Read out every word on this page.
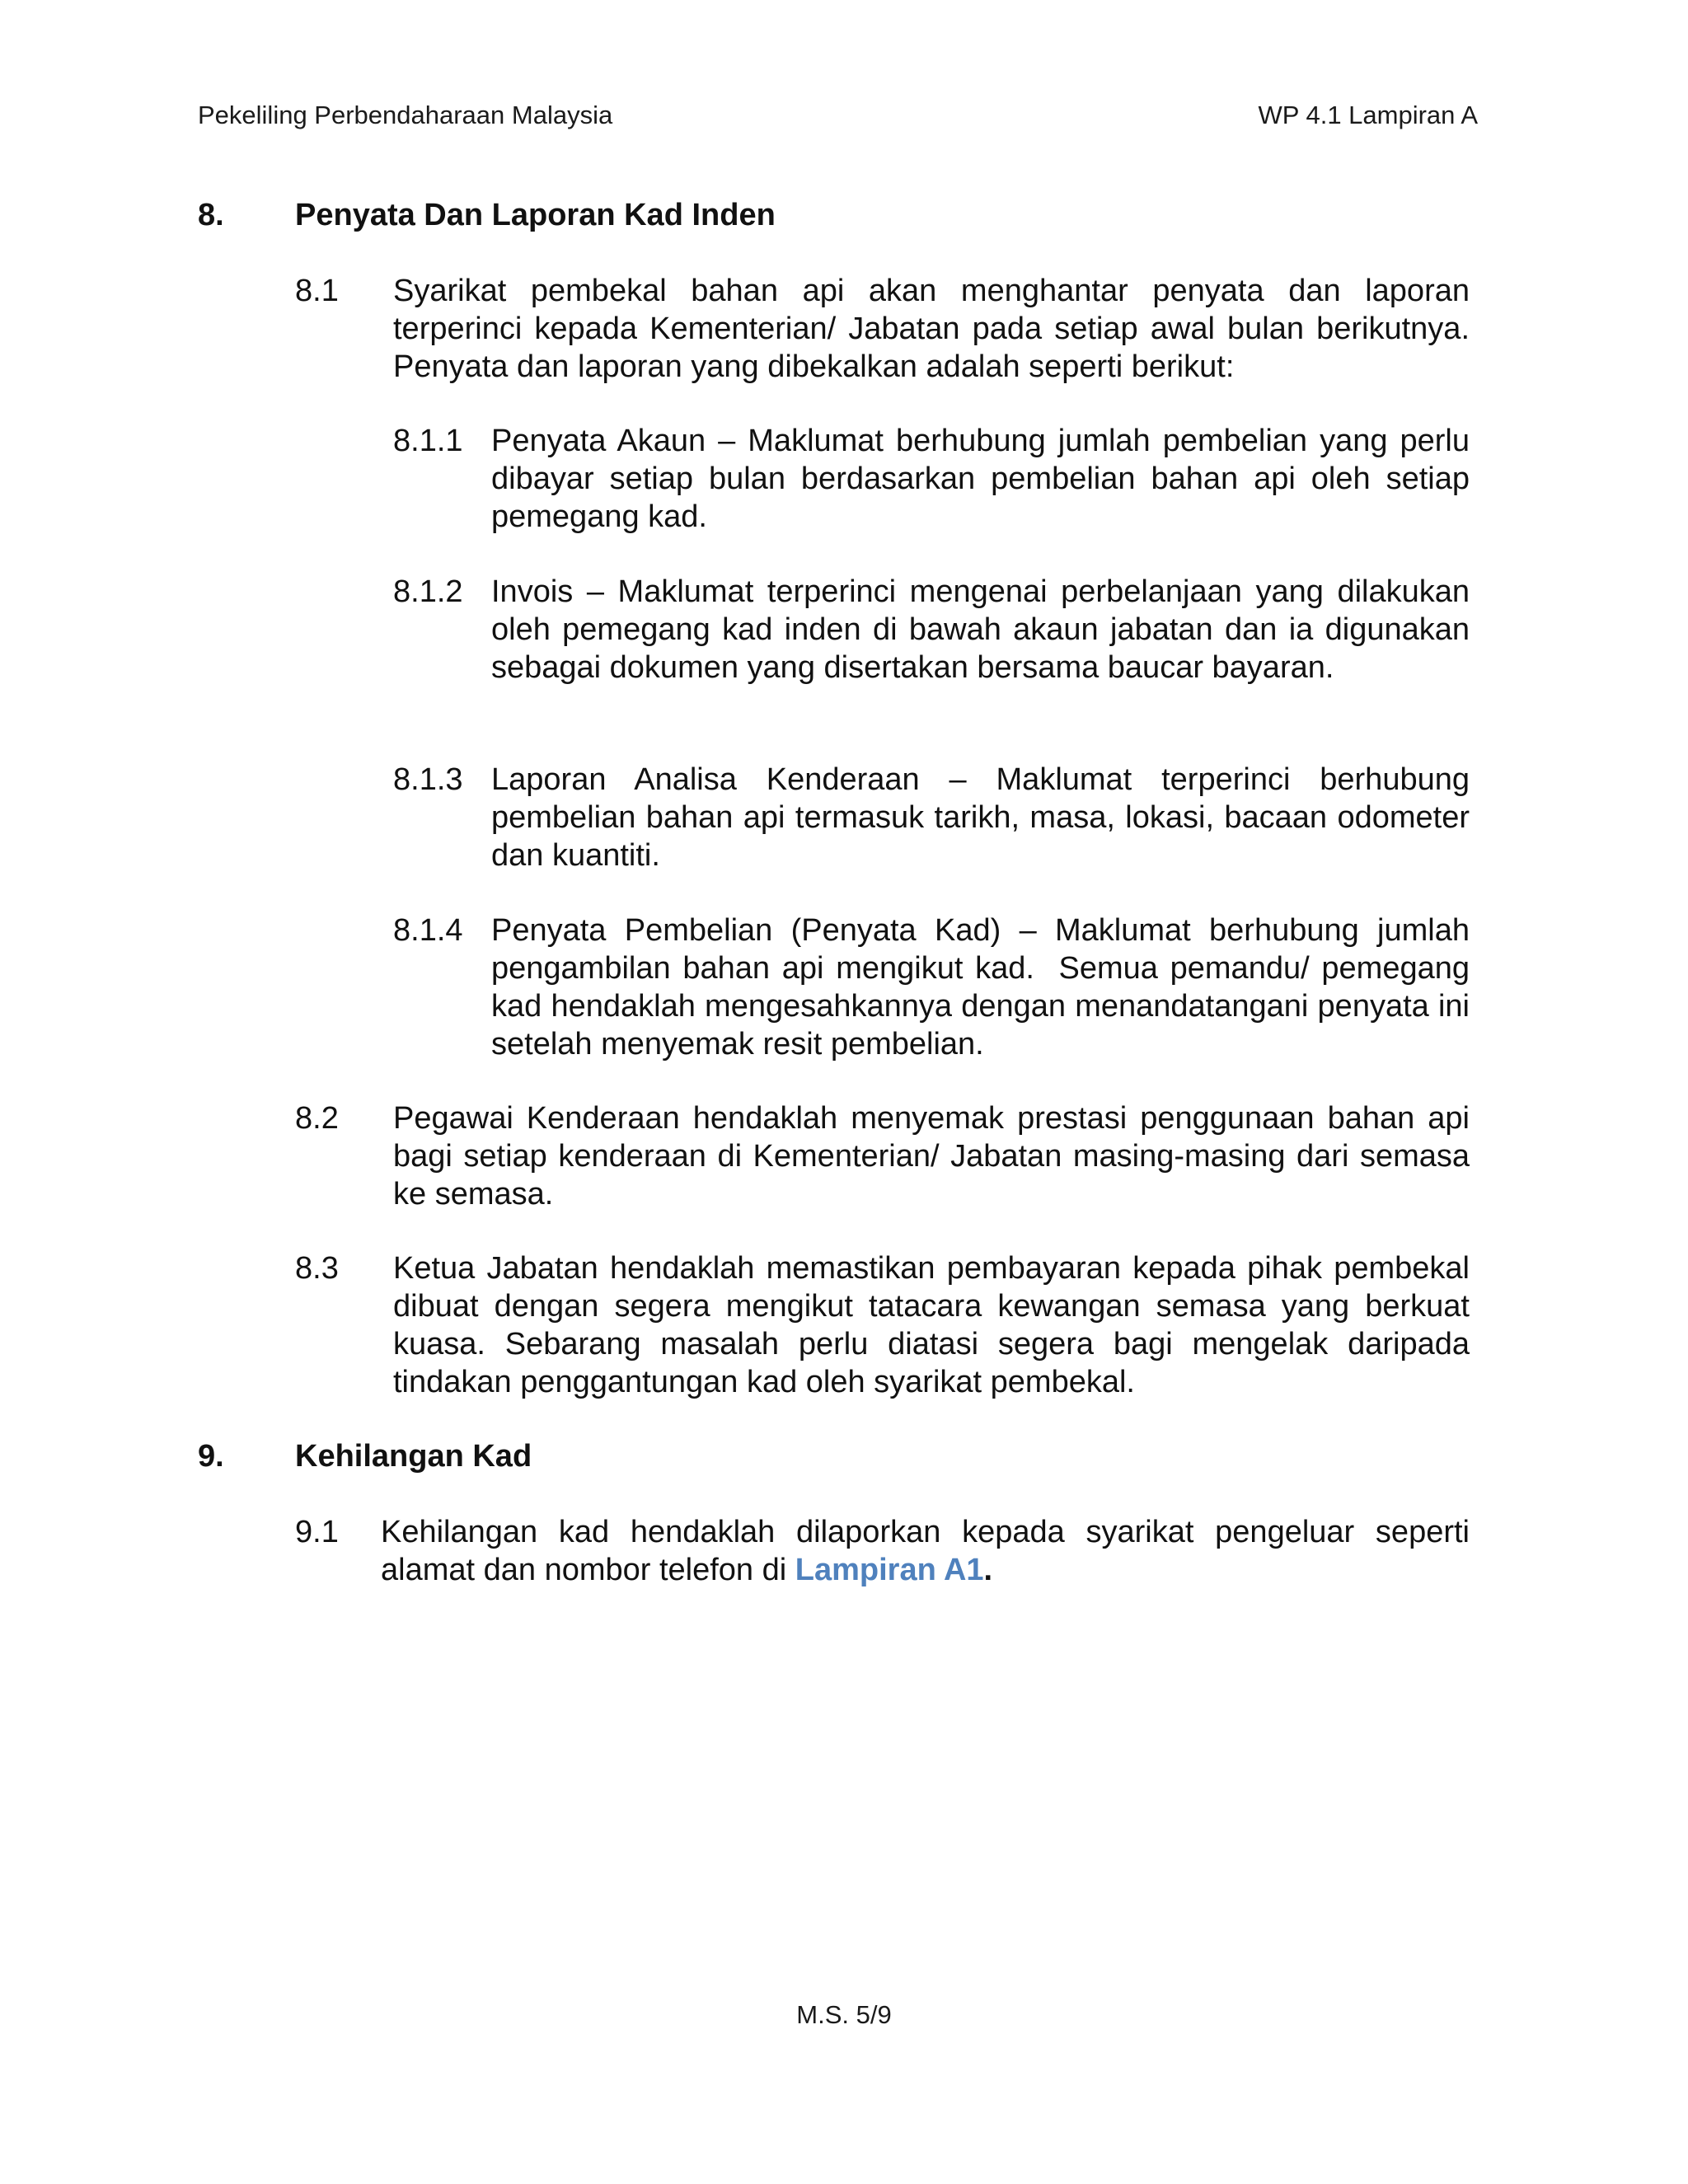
Pekeliling Perbendaharaan Malaysia	WP 4.1 Lampiran A
8. Penyata Dan Laporan Kad Inden
8.1 Syarikat pembekal bahan api akan menghantar penyata dan laporan terperinci kepada Kementerian/ Jabatan pada setiap awal bulan berikutnya. Penyata dan laporan yang dibekalkan adalah seperti berikut:

8.1.1 Penyata Akaun – Maklumat berhubung jumlah pembelian yang perlu dibayar setiap bulan berdasarkan pembelian bahan api oleh setiap pemegang kad.

8.1.2 Invois – Maklumat terperinci mengenai perbelanjaan yang dilakukan oleh pemegang kad inden di bawah akaun jabatan dan ia digunakan sebagai dokumen yang disertakan bersama baucar bayaran.

8.1.3 Laporan Analisa Kenderaan – Maklumat terperinci berhubung pembelian bahan api termasuk tarikh, masa, lokasi, bacaan odometer dan kuantiti.

8.1.4 Penyata Pembelian (Penyata Kad) – Maklumat berhubung jumlah pengambilan bahan api mengikut kad.  Semua pemandu/ pemegang kad hendaklah mengesahkannya dengan menandatangani penyata ini setelah menyemak resit pembelian.

8.2 Pegawai Kenderaan hendaklah menyemak prestasi penggunaan bahan api bagi setiap kenderaan di Kementerian/ Jabatan masing-masing dari semasa ke semasa.

8.3 Ketua Jabatan hendaklah memastikan pembayaran kepada pihak pembekal dibuat dengan segera mengikut tatacara kewangan semasa yang berkuat kuasa. Sebarang masalah perlu diatasi segera bagi mengelak daripada tindakan penggantungan kad oleh syarikat pembekal.

9. Kehilangan Kad
9.1 Kehilangan kad hendaklah dilaporkan kepada syarikat pengeluar seperti alamat dan nombor telefon di Lampiran A1.

M.S. 5/9
